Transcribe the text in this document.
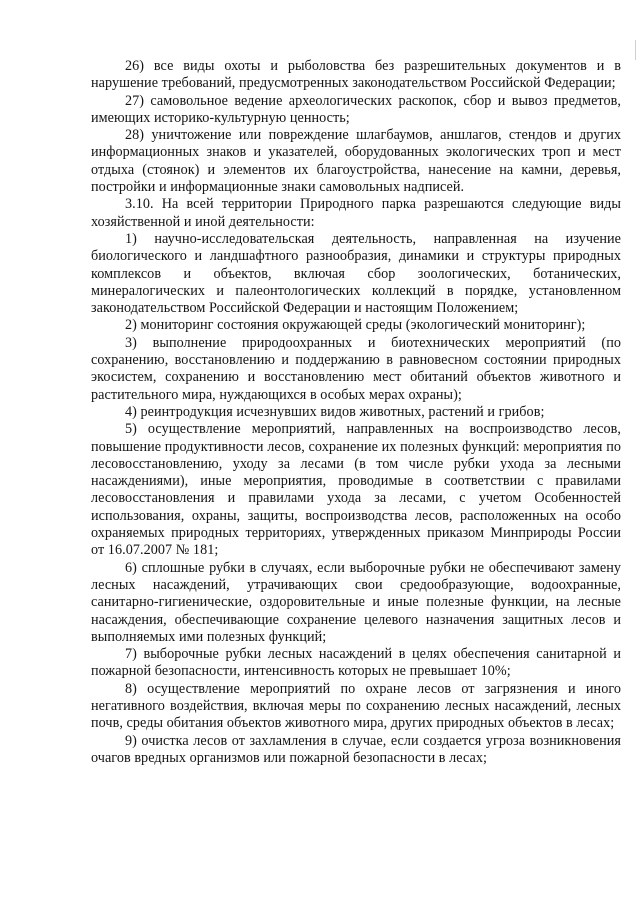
26) все виды охоты и рыболовства без разрешительных документов и в нарушение требований, предусмотренных законодательством Российской Федерации;

27) самовольное ведение археологических раскопок, сбор и вывоз предметов, имеющих историко-культурную ценность;

28) уничтожение или повреждение шлагбаумов, аншлагов, стендов и других информационных знаков и указателей, оборудованных экологических троп и мест отдыха (стоянок) и элементов их благоустройства, нанесение на камни, деревья, постройки и информационные знаки самовольных надписей.

3.10. На всей территории Природного парка разрешаются следующие виды хозяйственной и иной деятельности:

1) научно-исследовательская деятельность, направленная на изучение биологического и ландшафтного разнообразия, динамики и структуры природных комплексов и объектов, включая сбор зоологических, ботанических, минералогических и палеонтологических коллекций в порядке, установленном законодательством Российской Федерации и настоящим Положением;

2) мониторинг состояния окружающей среды (экологический мониторинг);

3) выполнение природоохранных и биотехнических мероприятий (по сохранению, восстановлению и поддержанию в равновесном состоянии природных экосистем, сохранению и восстановлению мест обитаний объектов животного и растительного мира, нуждающихся в особых мерах охраны);

4) реинтродукция исчезнувших видов животных, растений и грибов;

5) осуществление мероприятий, направленных на воспроизводство лесов, повышение продуктивности лесов, сохранение их полезных функций: мероприятия по лесовосстановлению, уходу за лесами (в том числе рубки ухода за лесными насаждениями), иные мероприятия, проводимые в соответствии с правилами лесовосстановления и правилами ухода за лесами, с учетом Особенностей использования, охраны, защиты, воспроизводства лесов, расположенных на особо охраняемых природных территориях, утвержденных приказом Минприроды России от 16.07.2007 № 181;

6) сплошные рубки в случаях, если выборочные рубки не обеспечивают замену лесных насаждений, утрачивающих свои средообразующие, водоохранные, санитарно-гигиенические, оздоровительные и иные полезные функции, на лесные насаждения, обеспечивающие сохранение целевого назначения защитных лесов и выполняемых ими полезных функций;

7) выборочные рубки лесных насаждений в целях обеспечения санитарной и пожарной безопасности, интенсивность которых не превышает 10%;

8) осуществление мероприятий по охране лесов от загрязнения и иного негативного воздействия, включая меры по сохранению лесных насаждений, лесных почв, среды обитания объектов животного мира, других природных объектов в лесах;

9) очистка лесов от захламления в случае, если создается угроза возникновения очагов вредных организмов или пожарной безопасности в лесах;
